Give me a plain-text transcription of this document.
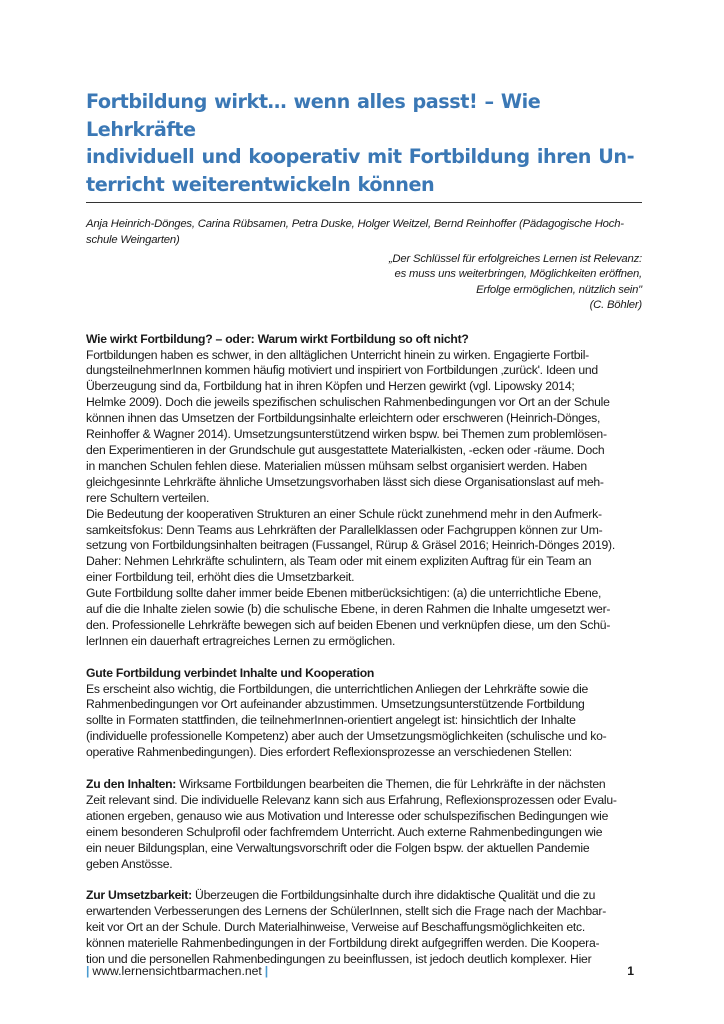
Fortbildung wirkt… wenn alles passt! – Wie Lehrkräfte
individuell und kooperativ mit Fortbildung ihren Un-
terricht weiterentwickeln können
Anja Heinrich-Dönges, Carina Rübsamen, Petra Duske, Holger Weitzel, Bernd Reinhoffer (Pädagogische Hoch-
schule Weingarten)
„Der Schlüssel für erfolgreiches Lernen ist Relevanz:
es muss uns weiterbringen, Möglichkeiten eröffnen,
Erfolge ermöglichen, nützlich sein"
(C. Böhler)
Wie wirkt Fortbildung? – oder: Warum wirkt Fortbildung so oft nicht?
Fortbildungen haben es schwer, in den alltäglichen Unterricht hinein zu wirken. Engagierte Fortbil-
dungsteilnehmerInnen kommen häufig motiviert und inspiriert von Fortbildungen ‚zurück'. Ideen und
Überzeugung sind da, Fortbildung hat in ihren Köpfen und Herzen gewirkt (vgl. Lipowsky 2014;
Helmke 2009). Doch die jeweils spezifischen schulischen Rahmenbedingungen vor Ort an der Schule
können ihnen das Umsetzen der Fortbildungsinhalte erleichtern oder erschweren (Heinrich-Dönges,
Reinhoffer & Wagner 2014). Umsetzungsunterstützend wirken bspw. bei Themen zum problemlösen-
den Experimentieren in der Grundschule gut ausgestattete Materialkisten, -ecken oder -räume. Doch
in manchen Schulen fehlen diese. Materialien müssen mühsam selbst organisiert werden. Haben
gleichgesinnte Lehrkräfte ähnliche Umsetzungsvorhaben lässt sich diese Organisationslast auf meh-
rere Schultern verteilen.
Die Bedeutung der kooperativen Strukturen an einer Schule rückt zunehmend mehr in den Aufmerk-
samkeitsfokus: Denn Teams aus Lehrkräften der Parallelklassen oder Fachgruppen können zur Um-
setzung von Fortbildungsinhalten beitragen (Fussangel, Rürup & Gräsel 2016; Heinrich-Dönges 2019).
Daher: Nehmen Lehrkräfte schulintern, als Team oder mit einem expliziten Auftrag für ein Team an
einer Fortbildung teil, erhöht dies die Umsetzbarkeit.
Gute Fortbildung sollte daher immer beide Ebenen mitberücksichtigen: (a) die unterrichtliche Ebene,
auf die die Inhalte zielen sowie (b) die schulische Ebene, in deren Rahmen die Inhalte umgesetzt wer-
den. Professionelle Lehrkräfte bewegen sich auf beiden Ebenen und verknüpfen diese, um den Schü-
lerInnen ein dauerhaft ertragreiches Lernen zu ermöglichen.
Gute Fortbildung verbindet Inhalte und Kooperation
Es erscheint also wichtig, die Fortbildungen, die unterrichtlichen Anliegen der Lehrkräfte sowie die
Rahmenbedingungen vor Ort aufeinander abzustimmen. Umsetzungsunterstützende Fortbildung
sollte in Formaten stattfinden, die teilnehmerInnen-orientiert angelegt ist: hinsichtlich der Inhalte
(individuelle professionelle Kompetenz) aber auch der Umsetzungsmöglichkeiten (schulische und ko-
operative Rahmenbedingungen). Dies erfordert Reflexionsprozesse an verschiedenen Stellen:
Zu den Inhalten: Wirksame Fortbildungen bearbeiten die Themen, die für Lehrkräfte in der nächsten
Zeit relevant sind. Die individuelle Relevanz kann sich aus Erfahrung, Reflexionsprozessen oder Evalu-
ationen ergeben, genauso wie aus Motivation und Interesse oder schulspezifischen Bedingungen wie
einem besonderen Schulprofil oder fachfremdem Unterricht. Auch externe Rahmenbedingungen wie
ein neuer Bildungsplan, eine Verwaltungsvorschrift oder die Folgen bspw. der aktuellen Pandemie
geben Anstösse.
Zur Umsetzbarkeit: Überzeugen die Fortbildungsinhalte durch ihre didaktische Qualität und die zu
erwartenden Verbesserungen des Lernens der SchülerInnen, stellt sich die Frage nach der Machbar-
keit vor Ort an der Schule. Durch Materialhinweise, Verweise auf Beschaffungsmöglichkeiten etc.
können materielle Rahmenbedingungen in der Fortbildung direkt aufgegriffen werden. Die Koopera-
tion und die personellen Rahmenbedingungen zu beeinflussen, ist jedoch deutlich komplexer. Hier
| www.lernensichtbarmachen.net |	1
